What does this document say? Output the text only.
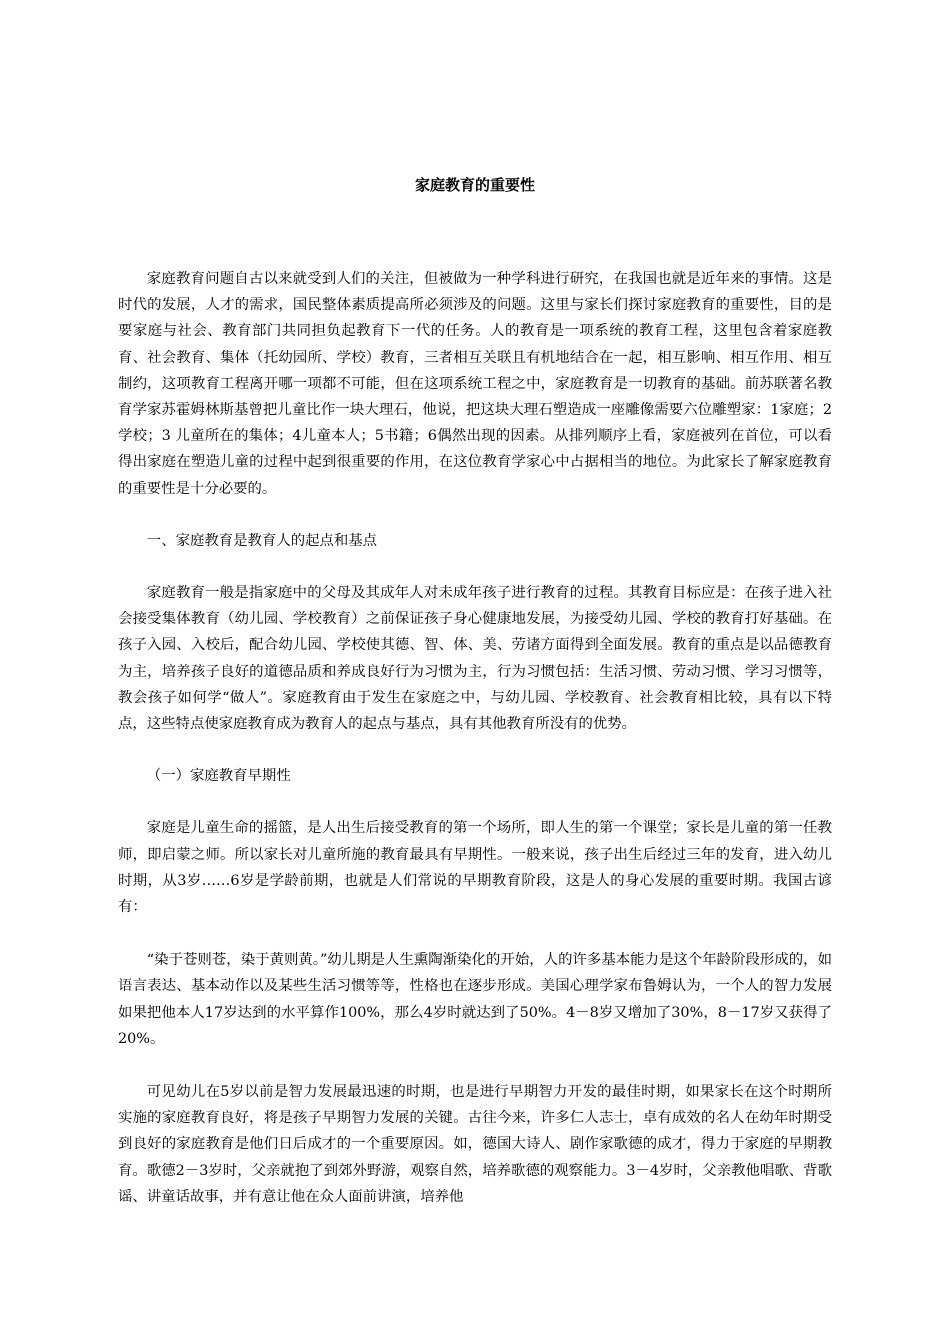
家庭教育的重要性

家庭教育问题自古以来就受到人们的关注，但被做为一种学科进行研究，在我国也就是近年来的事情。这是时代的发展，人才的需求，国民整体素质提高所必须涉及的问题。这里与家长们探讨家庭教育的重要性，目的是要家庭与社会、教育部门共同担负起教育下一代的任务。人的教育是一项系统的教育工程，这里包含着家庭教育、社会教育、集体（托幼园所、学校）教育，三者相互关联且有机地结合在一起，相互影响、相互作用、相互制约，这项教育工程离开哪一项都不可能，但在这项系统工程之中，家庭教育是一切教育的基础。前苏联著名教育学家苏霍姆林斯基曾把儿童比作一块大理石，他说，把这块大理石塑造成一座雕像需要六位雕塑家：1家庭；2学校；3 儿童所在的集体；4儿童本人；5书籍；6偶然出现的因素。从排列顺序上看，家庭被列在首位，可以看得出家庭在塑造儿童的过程中起到很重要的作用，在这位教育学家心中占据相当的地位。为此家长了解家庭教育的重要性是十分必要的。

一、家庭教育是教育人的起点和基点

家庭教育一般是指家庭中的父母及其成年人对未成年孩子进行教育的过程。其教育目标应是：在孩子进入社会接受集体教育（幼儿园、学校教育）之前保证孩子身心健康地发展，为接受幼儿园、学校的教育打好基础。在孩子入园、入校后，配合幼儿园、学校使其德、智、体、美、劳诸方面得到全面发展。教育的重点是以品德教育为主，培养孩子良好的道德品质和养成良好行为习惯为主，行为习惯包括：生活习惯、劳动习惯、学习习惯等，教会孩子如何学“做人”。家庭教育由于发生在家庭之中，与幼儿园、学校教育、社会教育相比较，具有以下特点，这些特点使家庭教育成为教育人的起点与基点，具有其他教育所没有的优势。

（一）家庭教育早期性

家庭是儿童生命的摇篮，是人出生后接受教育的第一个场所，即人生的第一个课堂；家长是儿童的第一任教师，即启蒙之师。所以家长对儿童所施的教育最具有早期性。一般来说，孩子出生后经过三年的发育，进入幼儿时期，从3岁……6岁是学龄前期，也就是人们常说的早期教育阶段，这是人的身心发展的重要时期。我国古谚有：

“染于苍则苍，染于黄则黄。”幼儿期是人生熏陶渐染化的开始，人的许多基本能力是这个年龄阶段形成的，如语言表达、基本动作以及某些生活习惯等等，性格也在逐步形成。美国心理学家布鲁姆认为，一个人的智力发展如果把他本人17岁达到的水平算作100%，那么4岁时就达到了50%。4－8岁又增加了30%，8－17岁又获得了20%。

可见幼儿在5岁以前是智力发展最迅速的时期，也是进行早期智力开发的最佳时期，如果家长在这个时期所实施的家庭教育良好，将是孩子早期智力发展的关键。古往今来，许多仁人志士，卓有成效的名人在幼年时期受到良好的家庭教育是他们日后成才的一个重要原因。如，德国大诗人、剧作家歌德的成才，得力于家庭的早期教育。歌德2－3岁时，父亲就抱了到郊外野游，观察自然，培养歌德的观察能力。3－4岁时，父亲教他唱歌、背歌谣、讲童话故事，并有意让他在众人面前讲演，培养他
